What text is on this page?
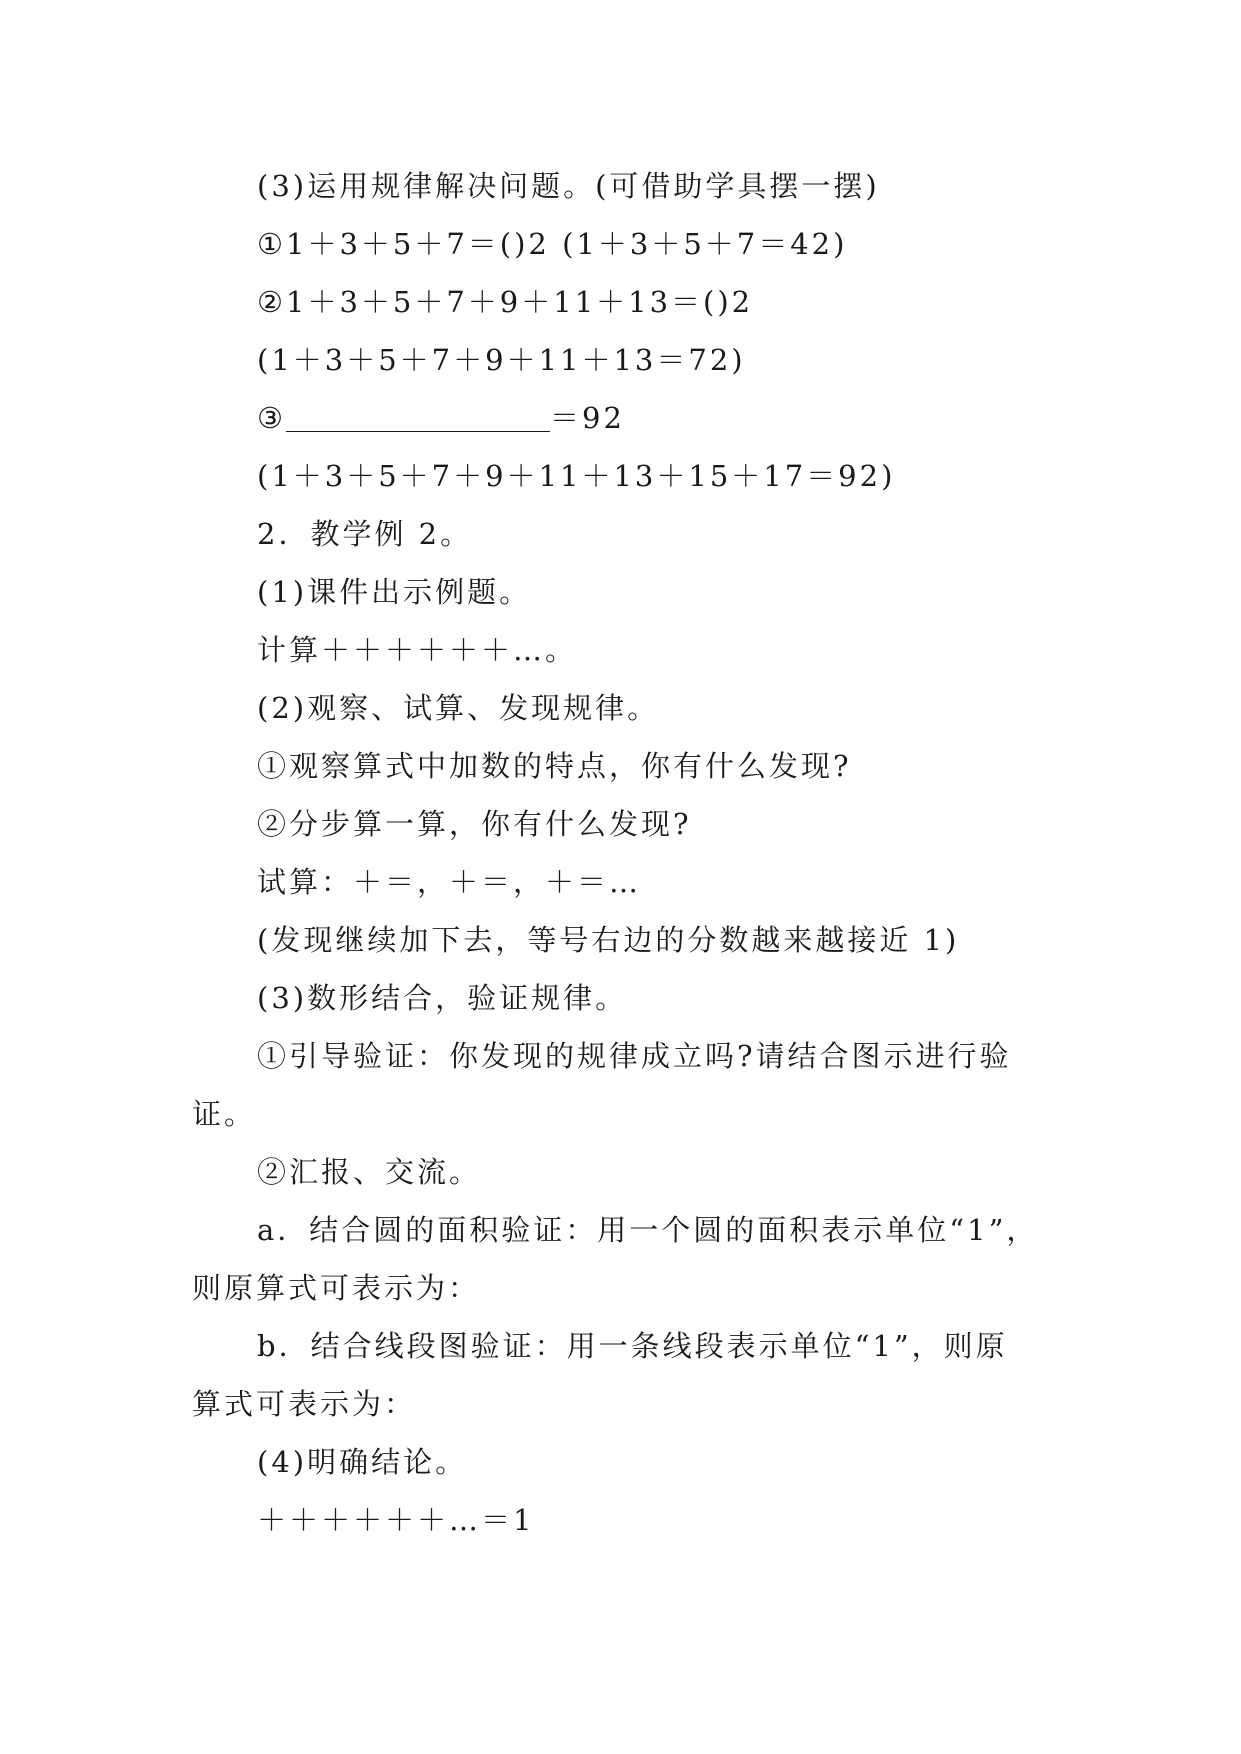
(3)运用规律解决问题。(可借助学具摆一摆)
①1＋3＋5＋7＝()2 (1＋3＋5＋7＝42)
②1＋3＋5＋7＋9＋11＋13＝()2
(1＋3＋5＋7＋9＋11＋13＝72)
③	＝92
(1＋3＋5＋7＋9＋11＋13＋15＋17＝92)
2．教学例 2。
(1)课件出示例题。
计算＋＋＋＋＋＋…。
(2)观察、试算、发现规律。
①观察算式中加数的特点，你有什么发现?
②分步算一算，你有什么发现?
试算：＋＝，＋＝，＋＝…
(发现继续加下去，等号右边的分数越来越接近 1)
(3)数形结合，验证规律。
①引导验证：你发现的规律成立吗?请结合图示进行验
证。
②汇报、交流。
a．结合圆的面积验证：用一个圆的面积表示单位“1”，
则原算式可表示为：
b．结合线段图验证：用一条线段表示单位“1”，则原
算式可表示为：
(4)明确结论。
＋＋＋＋＋＋…＝1
